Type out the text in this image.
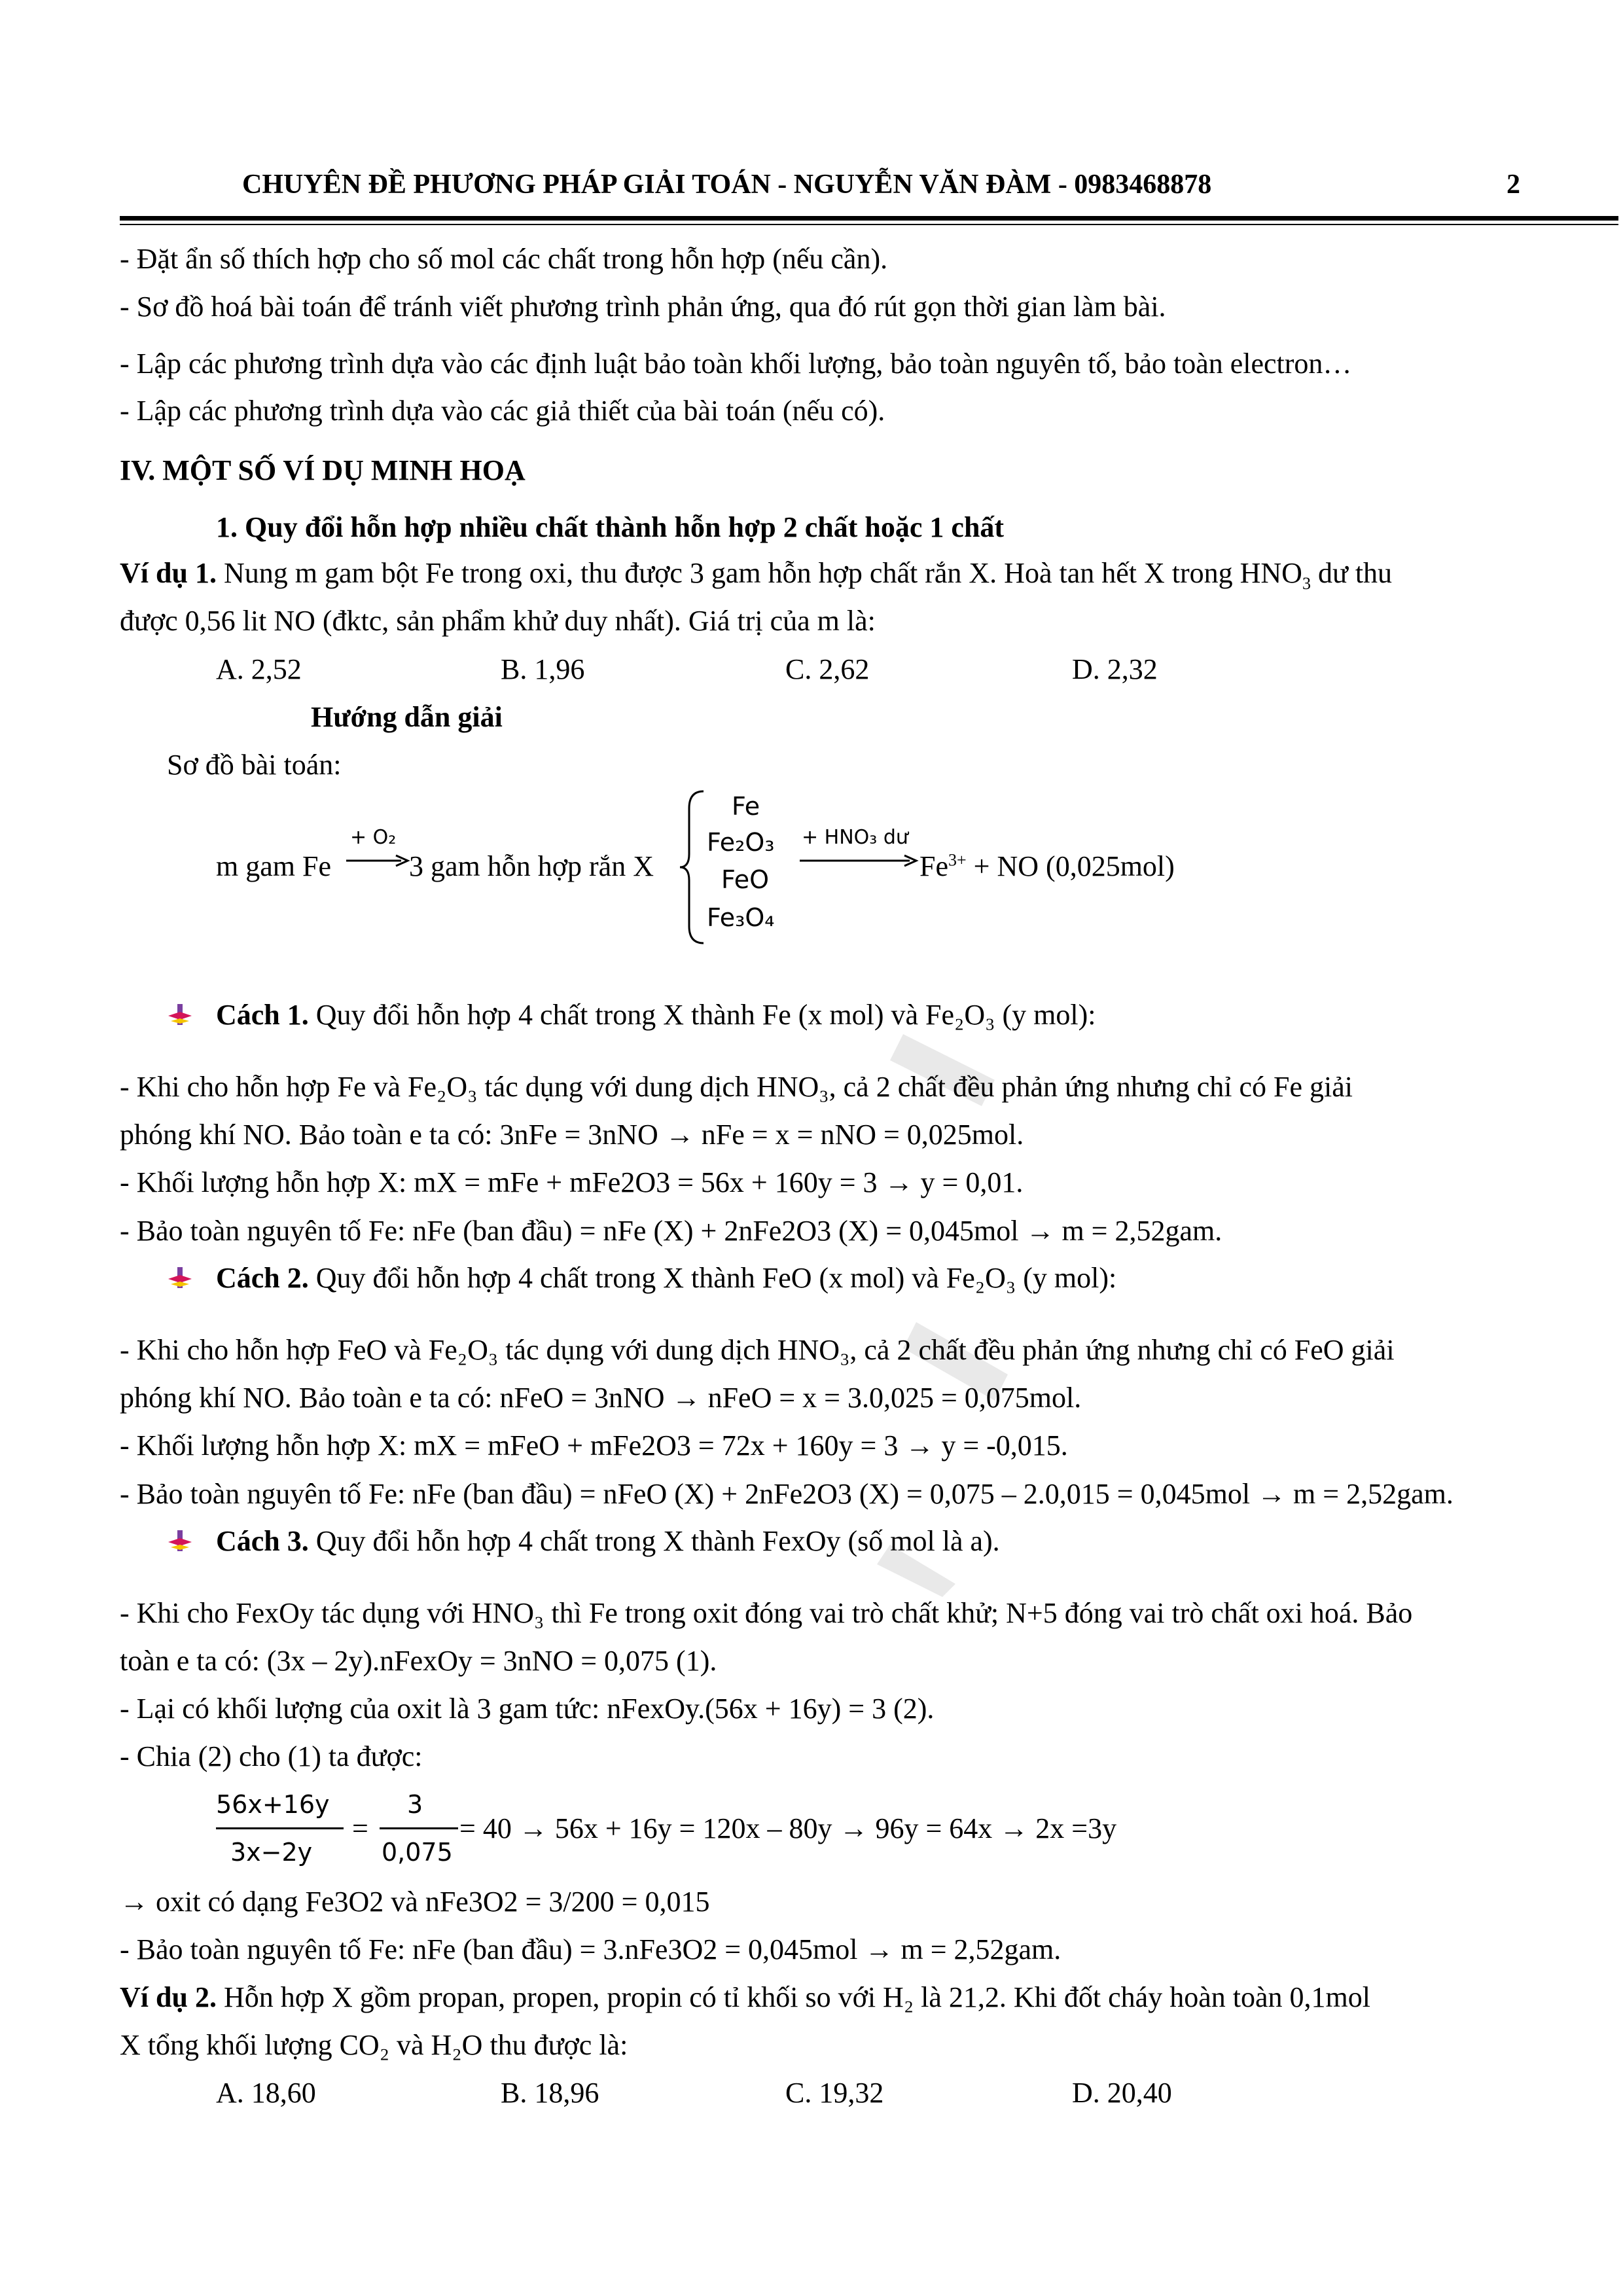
CHUYÊN ĐỀ PHƯƠNG PHÁP GIẢI TOÁN - NGUYỄN VĂN ĐÀM - 0983468878	2
- Đặt ẩn số thích hợp cho số mol các chất trong hỗn hợp (nếu cần).
- Sơ đồ hoá bài toán để tránh viết phương trình phản ứng, qua đó rút gọn thời gian làm bài.
- Lập các phương trình dựa vào các định luật bảo toàn khối lượng, bảo toàn nguyên tố, bảo toàn electron…
- Lập các phương trình dựa vào các giả thiết của bài toán (nếu có).
IV. MỘT SỐ VÍ DỤ MINH HOẠ
1. Quy đổi hỗn hợp nhiều chất thành hỗn hợp 2 chất hoặc 1 chất
Ví dụ 1. Nung m gam bột Fe trong oxi, thu được 3 gam hỗn hợp chất rắn X. Hoà tan hết X trong $HNO_3$ dư thu
được 0,56 lit NO (đktc, sản phẩm khử duy nhất). Giá trị của m là:
A. 2,52	B. 1,96	C. 2,62	D. 2,32
Hướng dẫn giải
Sơ đồ bài toán:
m gam Fe
+ O₂
3 gam hỗn hợp rắn X
Fe
Fe₂O₃
FeO
Fe₃O₄
+ HNO₃ dư
$Fe^{3+}$ + NO (0,025mol)
Cách 1. Quy đổi hỗn hợp 4 chất trong X thành Fe (x mol) và Fe₂O₃ (y mol):
- Khi cho hỗn hợp Fe và Fe₂O₃ tác dụng với dung dịch HNO₃, cả 2 chất đều phản ứng nhưng chỉ có Fe giải
phóng khí NO. Bảo toàn e ta có: 3nFe = 3nNO → nFe = x = nNO = 0,025mol.
- Khối lượng hỗn hợp X: mX = mFe + mFe2O3 = 56x + 160y = 3 → y = 0,01.
- Bảo toàn nguyên tố Fe: nFe (ban đầu) = nFe (X) + 2nFe2O3 (X) = 0,045mol → m = 2,52gam.
Cách 2. Quy đổi hỗn hợp 4 chất trong X thành FeO (x mol) và Fe₂O₃ (y mol):
- Khi cho hỗn hợp FeO và Fe₂O₃ tác dụng với dung dịch HNO₃, cả 2 chất đều phản ứng nhưng chỉ có FeO giải
phóng khí NO. Bảo toàn e ta có: nFeO = 3nNO → nFeO = x = 3.0,025 = 0,075mol.
- Khối lượng hỗn hợp X: mX = mFeO + mFe2O3 = 72x + 160y = 3 → y = -0,015.
- Bảo toàn nguyên tố Fe: nFe (ban đầu) = nFeO (X) + 2nFe2O3 (X) = 0,075 – 2.0,015 = 0,045mol → m = 2,52gam.
Cách 3. Quy đổi hỗn hợp 4 chất trong X thành FexOy (số mol là a).
- Khi cho FexOy tác dụng với HNO₃ thì Fe trong oxit đóng vai trò chất khử; N+5 đóng vai trò chất oxi hoá. Bảo
toàn e ta có: (3x – 2y).nFexOy = 3nNO = 0,075 (1).
- Lại có khối lượng của oxit là 3 gam tức: nFexOy.(56x + 16y) = 3 (2).
- Chia (2) cho (1) ta được:
56x+16y
3x−2y
=
3
0,075
= 40 → 56x + 16y = 120x – 80y → 96y = 64x → 2x =3y
→ oxit có dạng Fe3O2 và nFe3O2 = 3/200 = 0,015
- Bảo toàn nguyên tố Fe: nFe (ban đầu) = 3.nFe3O2 = 0,045mol → m = 2,52gam.
Ví dụ 2. Hỗn hợp X gồm propan, propen, propin có tỉ khối so với H₂ là 21,2. Khi đốt cháy hoàn toàn 0,1mol
X tổng khối lượng CO₂ và H₂O thu được là:
A. 18,60	B. 18,96	C. 19,32	D. 20,40
